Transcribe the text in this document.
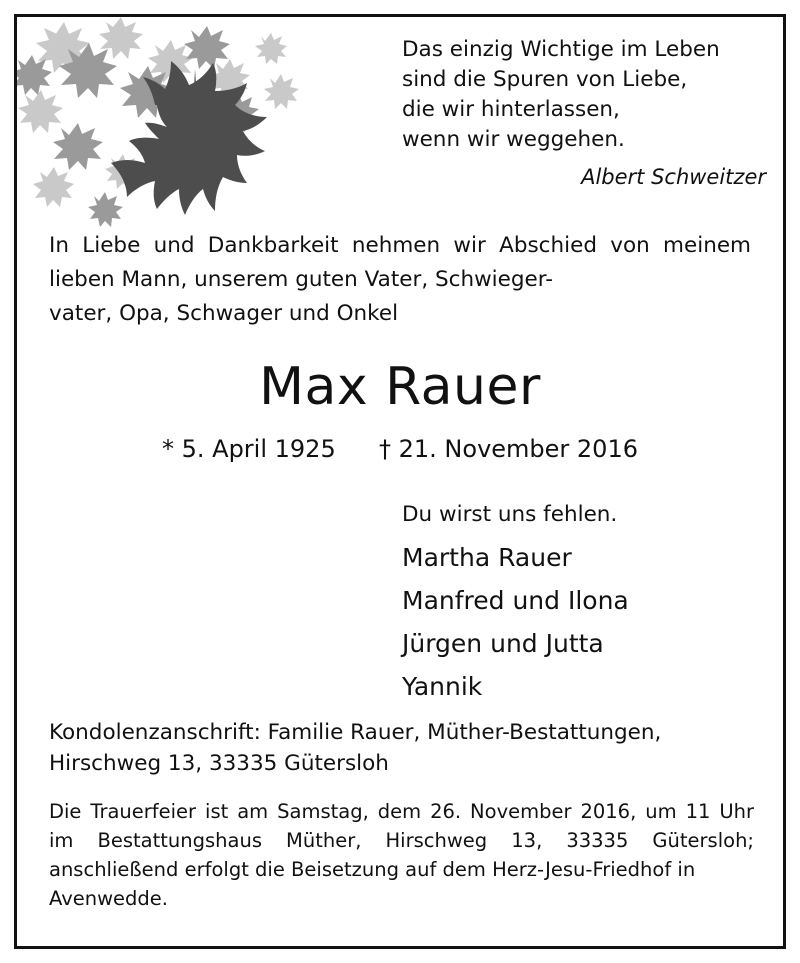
Das einzig Wichtige im Leben
sind die Spuren von Liebe,
die wir hinterlassen,
wenn wir weggehen.
Albert Schweitzer
In Liebe und Dankbarkeit nehmen wir Abschied von meinem lieben Mann, unserem guten Vater, Schwieger-
vater, Opa, Schwager und Onkel
Max Rauer
* 5. April 1925 † 21. November 2016
Du wirst uns fehlen.
Martha Rauer
Manfred und Ilona
Jürgen und Jutta
Yannik
Kondolenzanschrift: Familie Rauer, Müther-Bestattungen,
Hirschweg 13, 33335 Gütersloh
Die Trauerfeier ist am Samstag, dem 26. November 2016, um 11 Uhr im Bestattungshaus Müther, Hirschweg 13, 33335 Gütersloh; anschließend erfolgt die Beisetzung auf dem Herz-Jesu-Friedhof in
Avenwedde.
